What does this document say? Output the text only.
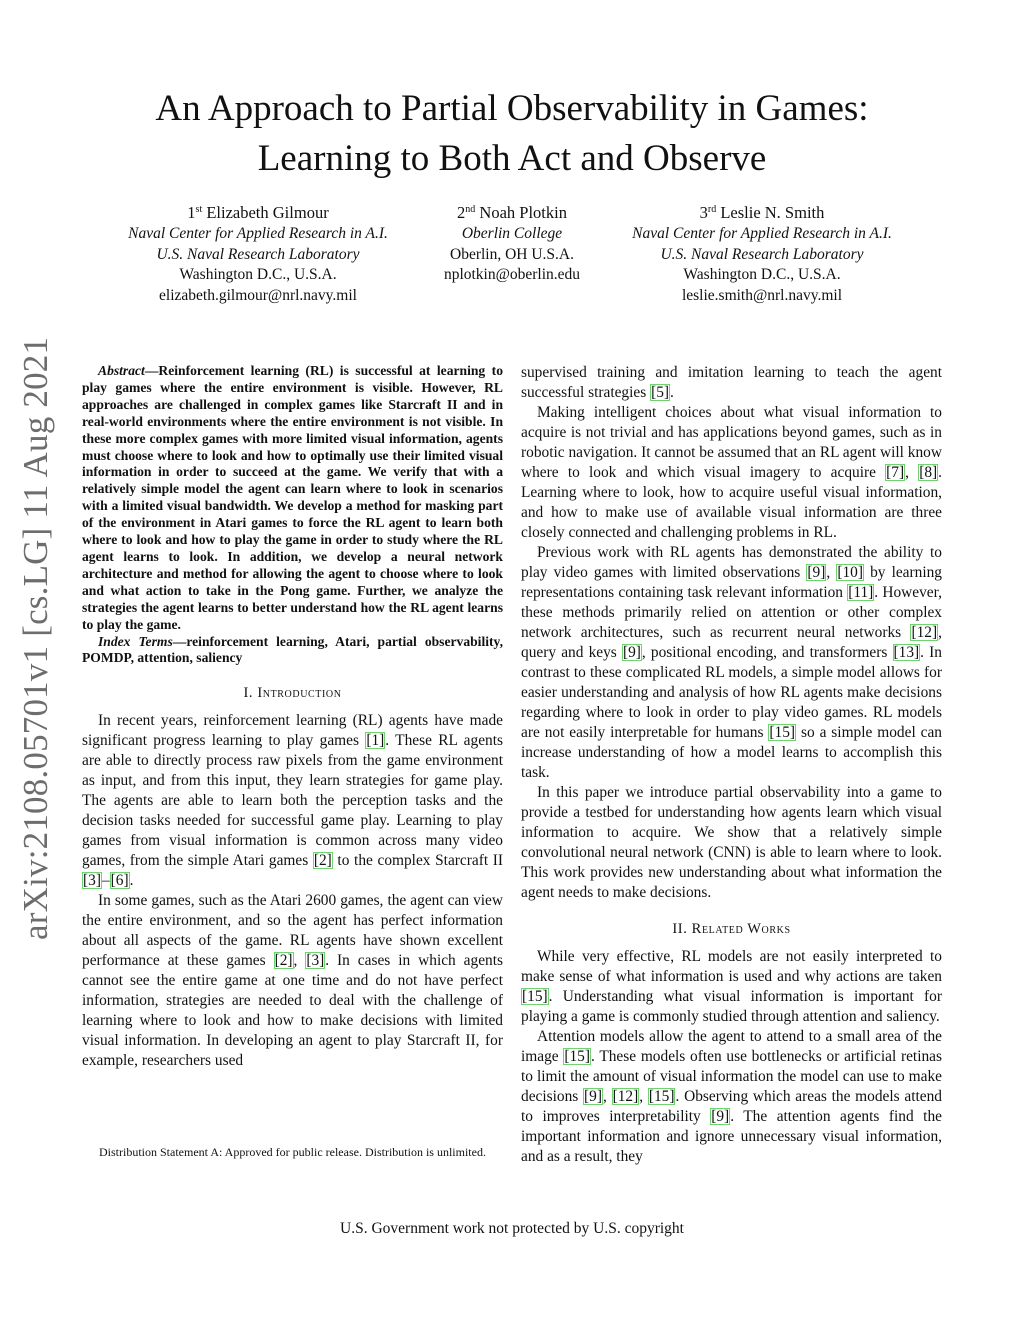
An Approach to Partial Observability in Games:
Learning to Both Act and Observe
1st Elizabeth Gilmour
Naval Center for Applied Research in A.I.
U.S. Naval Research Laboratory
Washington D.C., U.S.A.
elizabeth.gilmour@nrl.navy.mil
2nd Noah Plotkin
Oberlin College
Oberlin, OH U.S.A.
nplotkin@oberlin.edu
3rd Leslie N. Smith
Naval Center for Applied Research in A.I.
U.S. Naval Research Laboratory
Washington D.C., U.S.A.
leslie.smith@nrl.navy.mil
arXiv:2108.05701v1 [cs.LG] 11 Aug 2021	Abstract—Reinforcement learning (RL) is successful at learning to play games where the entire environment is visible. However, RL approaches are challenged in complex games like Starcraft II and in real-world environments where the entire environment is not visible. In these more complex games with more limited visual information, agents must choose where to look and how to optimally use their limited visual information in order to succeed at the game. We verify that with a relatively simple model the agent can learn where to look in scenarios with a limited visual bandwidth. We develop a method for masking part of the environment in Atari games to force the RL agent to learn both where to look and how to play the game in order to study where the RL agent learns to look. In addition, we develop a neural network architecture and method for allowing the agent to choose where to look and what action to take in the Pong game. Further, we analyze the strategies the agent learns to better understand how the RL agent learns to play the game.

Index Terms—reinforcement learning, Atari, partial observability, POMDP, attention, saliency

I. Introduction

In recent years, reinforcement learning (RL) agents have made significant progress learning to play games [1]. These RL agents are able to directly process raw pixels from the game environment as input, and from this input, they learn strategies for game play. The agents are able to learn both the perception tasks and the decision tasks needed for successful game play. Learning to play games from visual information is common across many video games, from the simple Atari games [2] to the complex Starcraft II [3]–[6].

In some games, such as the Atari 2600 games, the agent can view the entire environment, and so the agent has perfect information about all aspects of the game. RL agents have shown excellent performance at these games [2], [3]. In cases in which agents cannot see the entire game at one time and do not have perfect information, strategies are needed to deal with the challenge of learning where to look and how to make decisions with limited visual information. In developing an agent to play Starcraft II, for example, researchers used

Distribution Statement A: Approved for public release. Distribution is unlimited.

supervised training and imitation learning to teach the agent successful strategies [5].

Making intelligent choices about what visual information to acquire is not trivial and has applications beyond games, such as in robotic navigation. It cannot be assumed that an RL agent will know where to look and which visual imagery to acquire [7], [8]. Learning where to look, how to acquire useful visual information, and how to make use of available visual information are three closely connected and challenging problems in RL.

Previous work with RL agents has demonstrated the ability to play video games with limited observations [9], [10] by learning representations containing task relevant information [11]. However, these methods primarily relied on attention or other complex network architectures, such as recurrent neural networks [12], query and keys [9], positional encoding, and transformers [13]. In contrast to these complicated RL models, a simple model allows for easier understanding and analysis of how RL agents make decisions regarding where to look in order to play video games. RL models are not easily interpretable for humans [15] so a simple model can increase understanding of how a model learns to accomplish this task.

In this paper we introduce partial observability into a game to provide a testbed for understanding how agents learn which visual information to acquire. We show that a relatively simple convolutional neural network (CNN) is able to learn where to look. This work provides new understanding about what information the agent needs to make decisions.

II. Related Works

While very effective, RL models are not easily interpreted to make sense of what information is used and why actions are taken [15]. Understanding what visual information is important for playing a game is commonly studied through attention and saliency.

Attention models allow the agent to attend to a small area of the image [15]. These models often use bottlenecks or artificial retinas to limit the amount of visual information the model can use to make decisions [9], [12], [15]. Observing which areas the models attend to improves interpretability [9]. The attention agents find the important information and ignore unnecessary visual information, and as a result, they

U.S. Government work not protected by U.S. copyright
